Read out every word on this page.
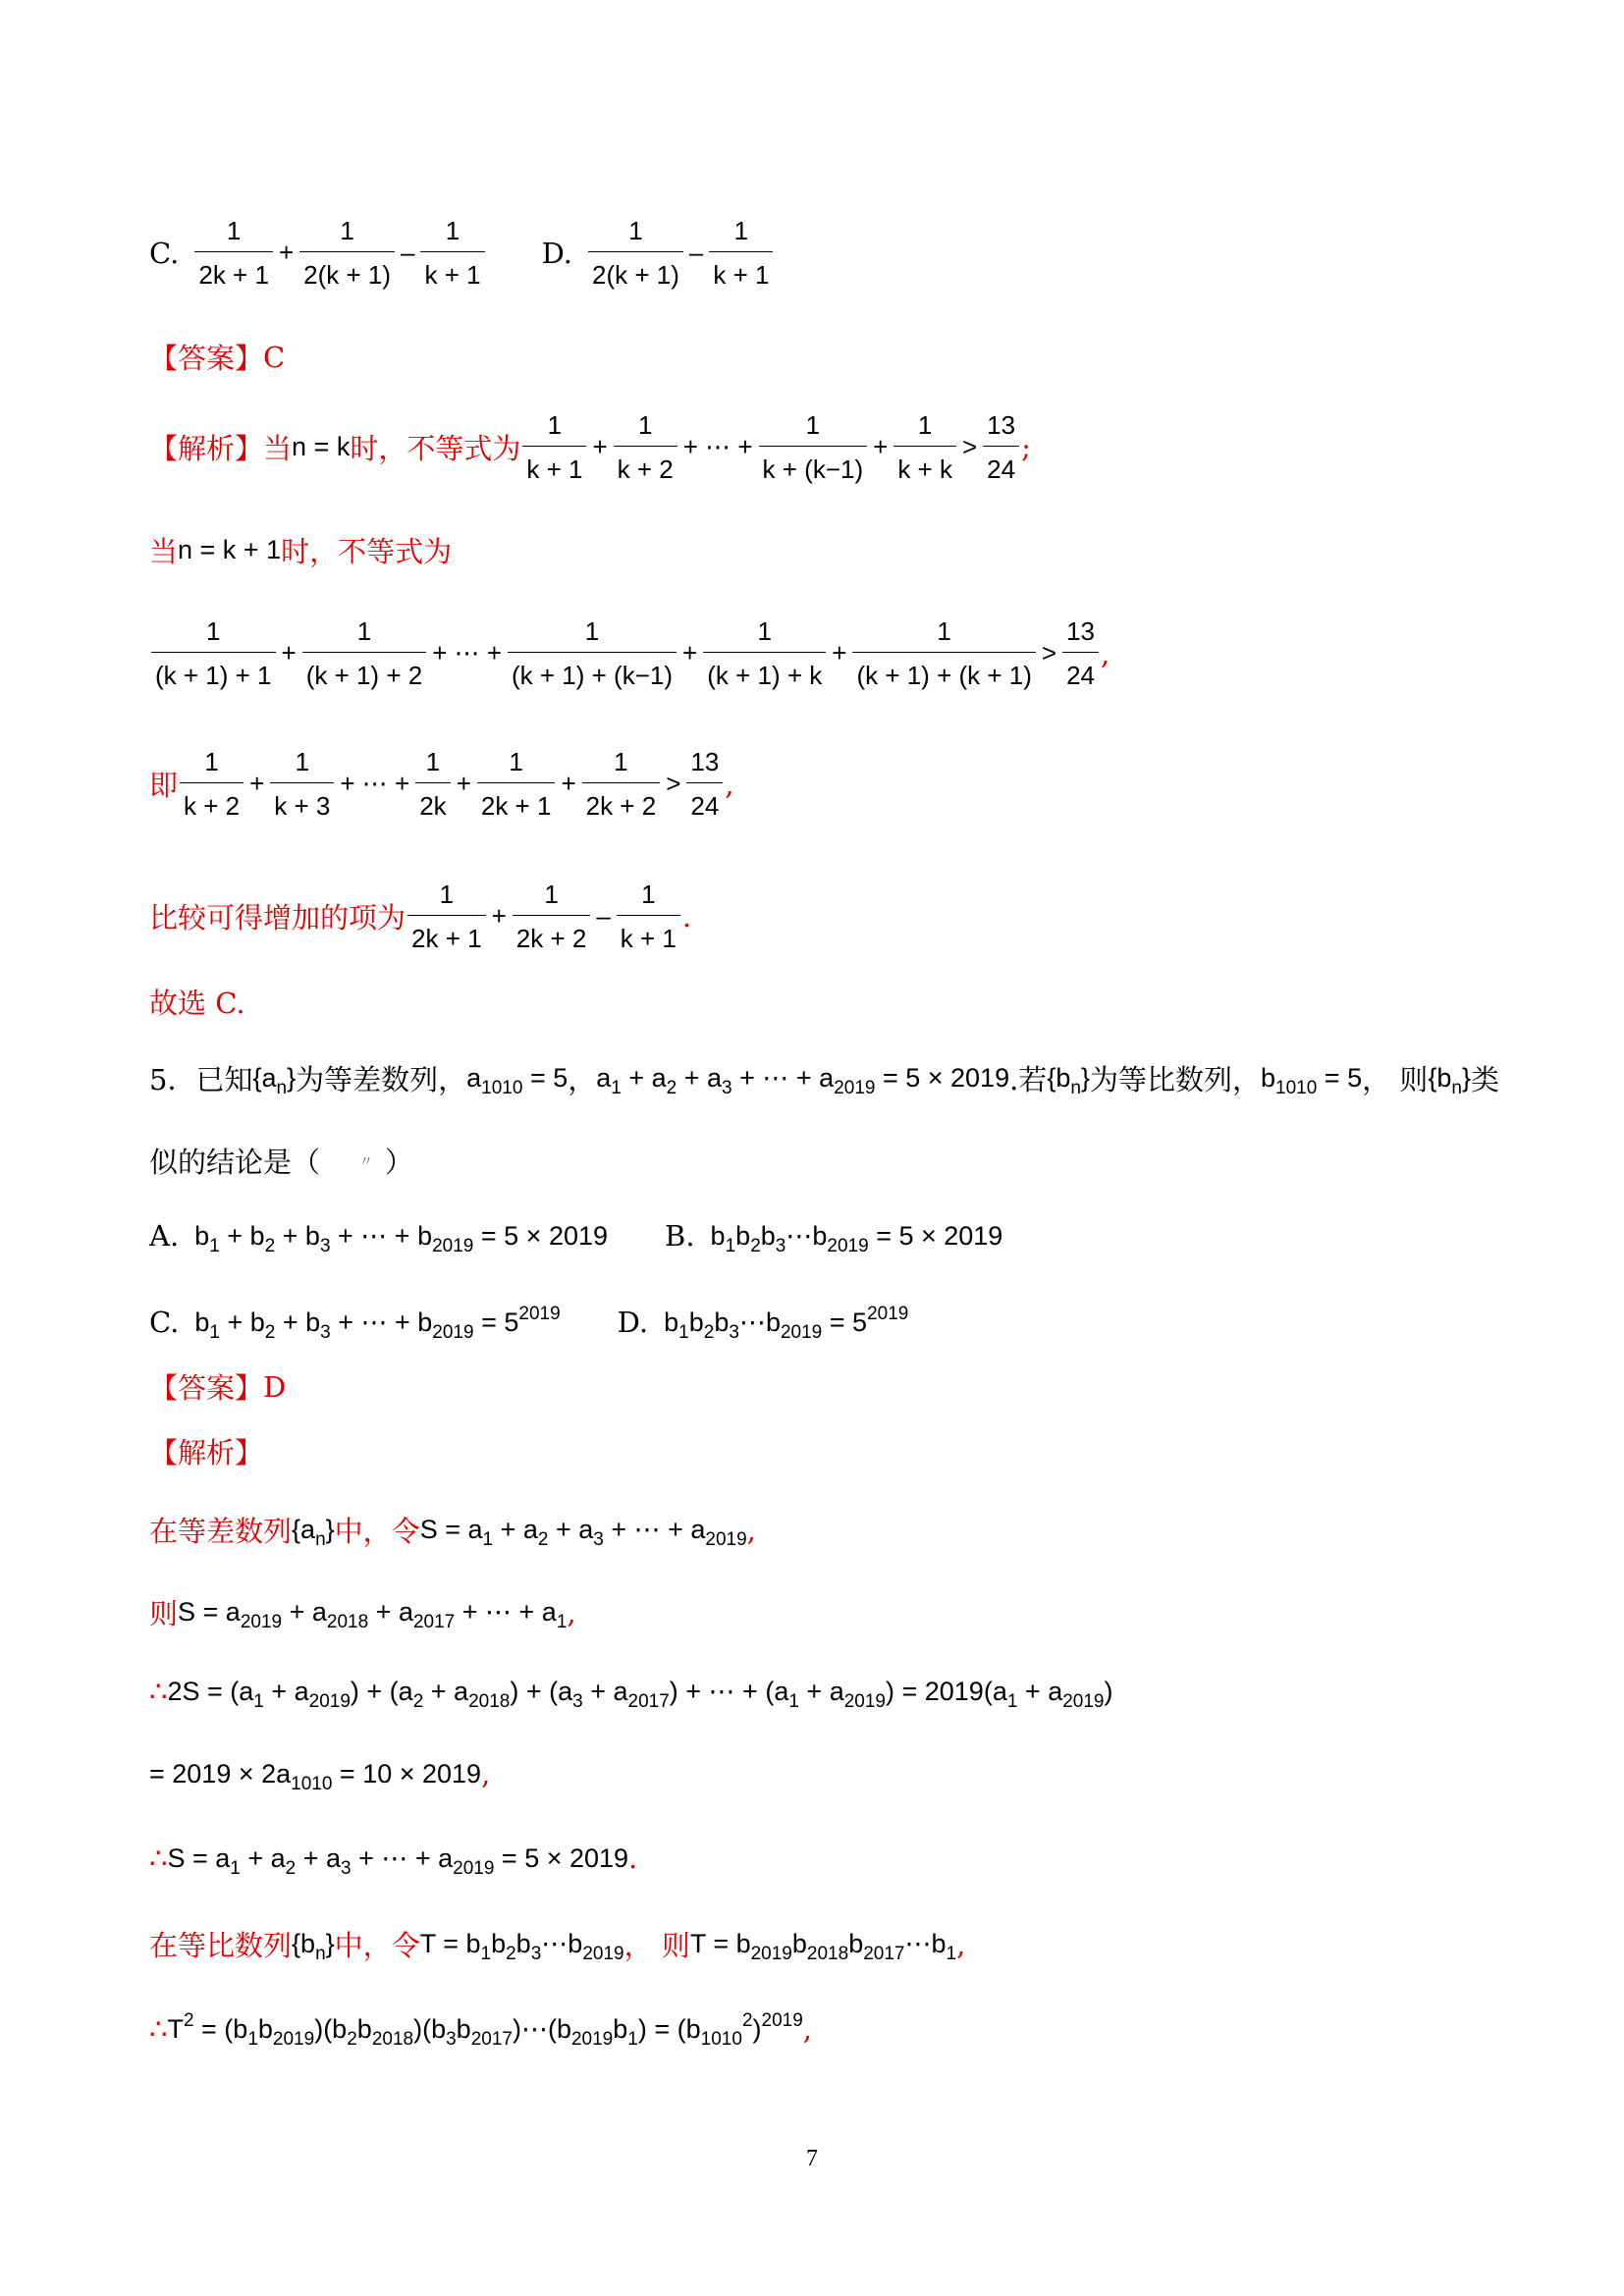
C. $\frac{1}{2k + 1} + \frac{1}{2(k + 1)} - \frac{1}{k + 1} D$. $\frac{1}{2(k + 1)} - \frac{1}{k + 1}$
【答案】 C
【解析】 当 n = k 时，不等式为 $\frac{1}{k + 1} + \frac{1}{k + 2}$ + ⋯ + $\frac{1}{k + (k-1)} + \frac{1}{k + k} > \frac{13}{24}$ ;
当 n = k + 1 时，不等式为
$\frac{1}{(k + 1) + 1} + \frac{1}{(k + 1) + 2}$ + ⋯ + $\frac{1}{(k + 1) + (k-1)} + \frac{1}{(k + 1) + k} + \frac{1}{(k + 1) + (k + 1)} > \frac{13}{24}$ ,
即 $\frac{1}{k + 2} + \frac{1}{k + 3}$ + ⋯ + $\frac{1}{2k} + \frac{1}{2k + 1} + \frac{1}{2k + 2} > \frac{13}{24}$ ,
比较可得增加的项为 $\frac{1}{2k + 1} + \frac{1}{2k + 2} - \frac{1}{k + 1}$ .
故选 C.
5． 已知 $\{a_n\}$ 为等差数列， $a_{1010} = 5$ ， $a_1 + a_2 + a_3$ + ⋯ + $a_{2019} = 5 \times 2019$ .若 $\{b_n\}$ 为等比数列， $b_{1010} = 5$ ， 则 $\{b_n\}$ 类
似的结论是（	〃 ）
A. $b_1 + b_2 + b_3$ + ⋯ + $b_{2019} = 5 \times 2019$ B. $b_1b_2b_3\cdots b_{2019} = 5 \times 2019$
C. $b_1 + b_2 + b_3$ + ⋯ + $b_{2019} = 5^{2019}$ D. $b_1b_2b_3\cdots b_{2019} = 5^{2019}$
【答案】 D
【解析】
在等差数列 $\{a_n\}$ 中，令 $S = a_1 + a_2 + a_3$ + ⋯ + $a_{2019}$ ,
则 $S = a_{2019} + a_{2018} + a_{2017}$ + ⋯ + $a_1$ ,
∴ $2S = (a_1 + a_{2019}) + (a_2 + a_{2018}) + (a_3 + a_{2017})$ + ⋯ + $(a_1 + a_{2019}) = 2019(a_1 + a_{2019})$
= $2019 \times 2a_{1010} = 10 \times 2019$ ,
∴ $S = a_1 + a_2 + a_3$ + ⋯ + $a_{2019} = 5 \times 2019$ .
在等比数列 $\{b_n\}$ 中，令 $T = b_1b_2b_3\cdots b_{2019}$ ， 则 $T = b_{2019}b_{2018}b_{2017}\cdots b_1$ ,
∴ $T^2$ = $(b_1b_{2019})(b_2b_{2018})(b_3b_{2017})\cdots(b_{2019}b_1) = (b_{1010}^2)^{2019}$ ,
7
